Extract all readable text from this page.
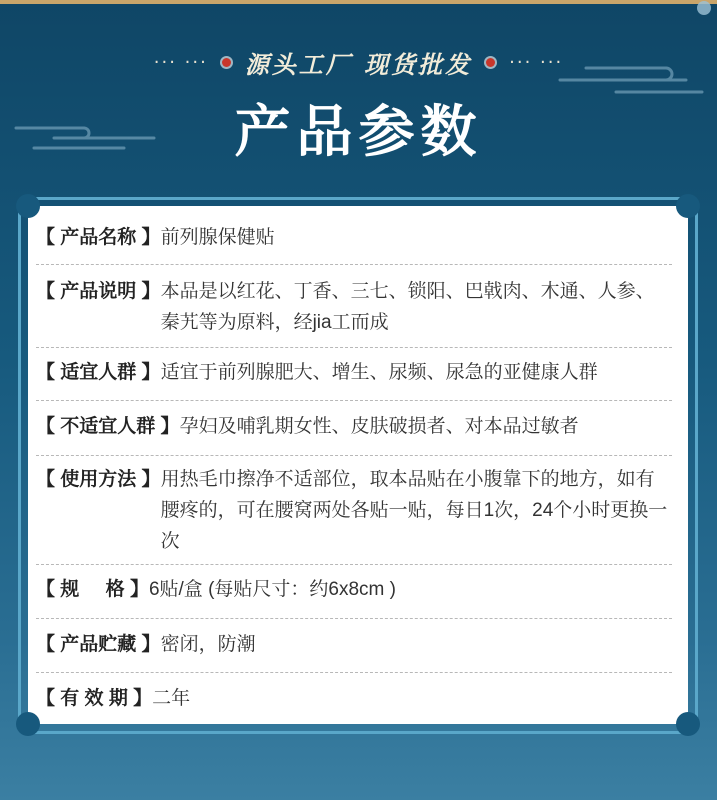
··· ··· 源头工厂 现货批发 ··· ···
产品参数
【 产品名称 】 前列腺保健贴
【 产品说明 】 本品是以红花、丁香、三七、锁阳、巴戟肉、木通、人参、秦艽等为原料，经jia工而成
【 适宜人群 】 适宜于前列腺肥大、增生、尿频、尿急的亚健康人群
【 不适宜人群 】 孕妇及哺乳期女性、皮肤破损者、对本品过敏者
【 使用方法 】 用热毛巾擦净不适部位，取本品贴在小腹靠下的地方，如有腰疼的，可在腰窝两处各贴一贴，每日1次，24个小时更换一次
【 规     格 】 6贴/盒 (每贴尺寸：约6x8cm )
【 产品贮藏 】 密闭，防潮
【 有 效 期 】 二年
